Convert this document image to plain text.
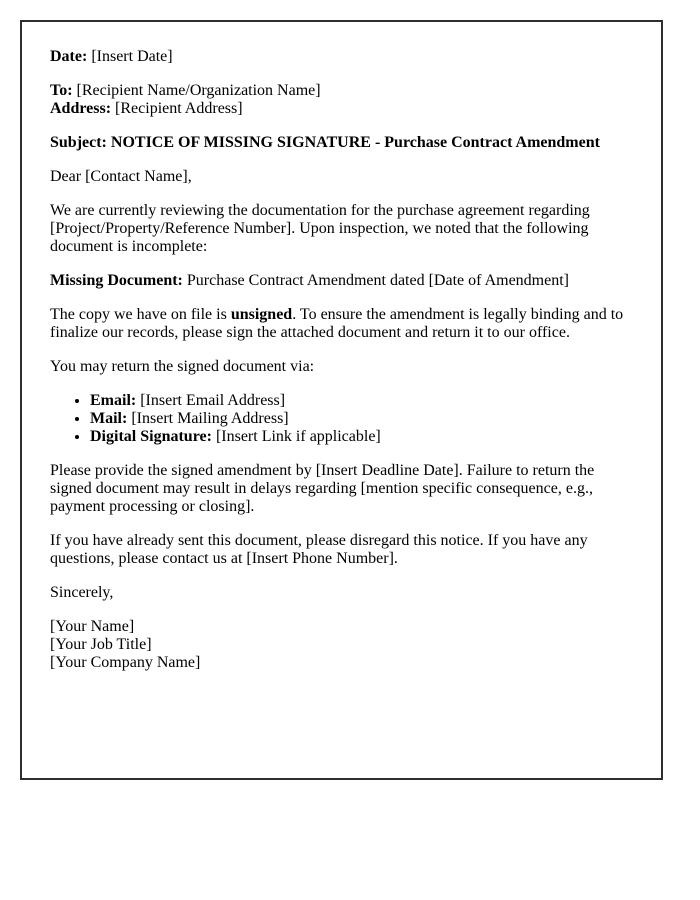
Date: [Insert Date]

To: [Recipient Name/Organization Name]
Address: [Recipient Address]

Subject: NOTICE OF MISSING SIGNATURE - Purchase Contract Amendment

Dear [Contact Name],

We are currently reviewing the documentation for the purchase agreement regarding [Project/Property/Reference Number]. Upon inspection, we noted that the following document is incomplete:

Missing Document: Purchase Contract Amendment dated [Date of Amendment]

The copy we have on file is unsigned. To ensure the amendment is legally binding and to finalize our records, please sign the attached document and return it to our office.

You may return the signed document via:

• Email: [Insert Email Address]
• Mail: [Insert Mailing Address]
• Digital Signature: [Insert Link if applicable]

Please provide the signed amendment by [Insert Deadline Date]. Failure to return the signed document may result in delays regarding [mention specific consequence, e.g., payment processing or closing].

If you have already sent this document, please disregard this notice. If you have any questions, please contact us at [Insert Phone Number].

Sincerely,

[Your Name]
[Your Job Title]
[Your Company Name]
